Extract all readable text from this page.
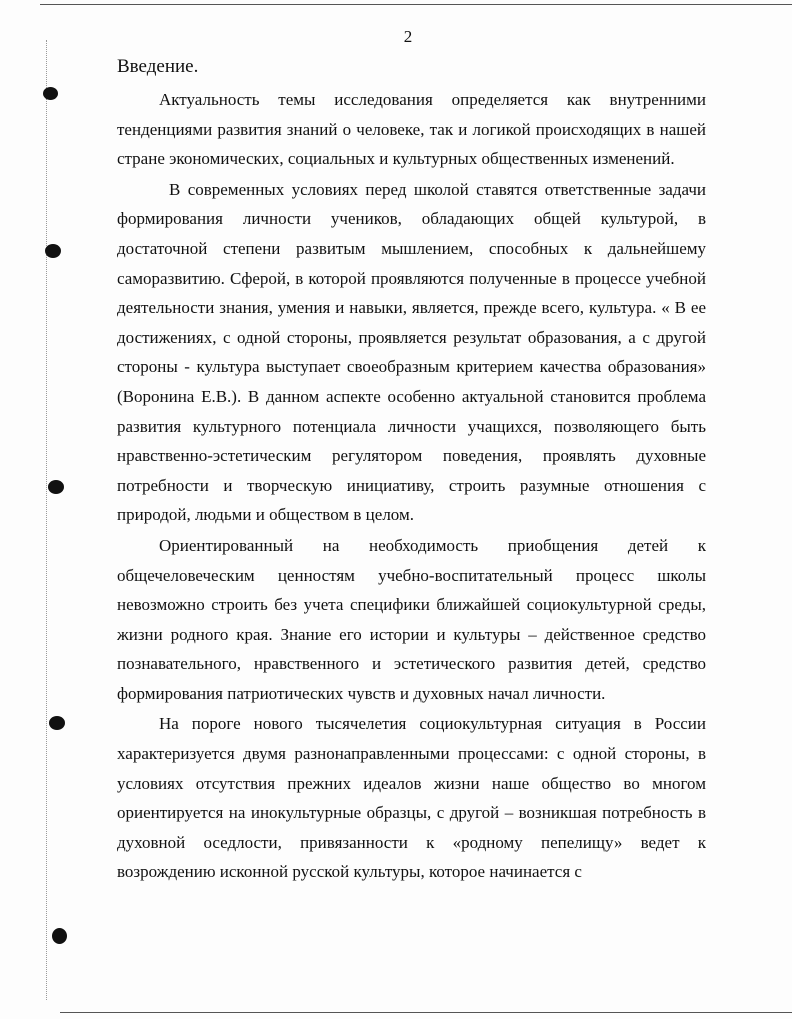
2
Введение.

Актуальность темы исследования определяется как внутренними тенденциями развития знаний о человеке, так и логикой происходящих в нашей стране экономических, социальных и культурных общественных изменений.

В современных условиях перед школой ставятся ответственные задачи формирования личности учеников, обладающих общей культурой, в достаточной степени развитым мышлением, способных к дальнейшему саморазвитию. Сферой, в которой проявляются полученные в процессе учебной деятельности знания, умения и навыки, является, прежде всего, культура. « В ее достижениях, с одной стороны, проявляется результат образования, а с другой стороны - культура выступает своеобразным критерием качества образования» (Воронина Е.В.). В данном аспекте особенно актуальной становится проблема развития культурного потенциала личности учащихся, позволяющего быть нравственно-эстетическим регулятором поведения, проявлять духовные потребности и творческую инициативу, строить разумные отношения с природой, людьми и обществом в целом.

Ориентированный на необходимость приобщения детей к общечеловеческим ценностям учебно-воспитательный процесс школы невозможно строить без учета специфики ближайшей социокультурной среды, жизни родного края. Знание его истории и культуры – действенное средство познавательного, нравственного и эстетического развития детей, средство формирования патриотических чувств и духовных начал личности.

На пороге нового тысячелетия социокультурная ситуация в России характеризуется двумя разнонаправленными процессами: с одной стороны, в условиях отсутствия прежних идеалов жизни наше общество во многом ориентируется на инокультурные образцы, с другой – возникшая потребность в духовной оседлости, привязанности к «родному пепелищу» ведет к возрождению исконной русской культуры, которое начинается с
